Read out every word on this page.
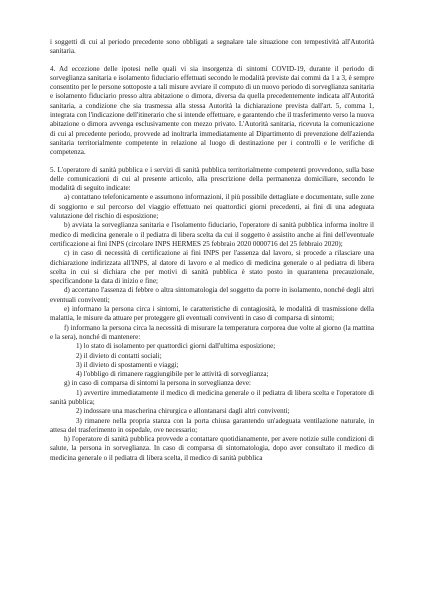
i soggetti di cui al periodo precedente sono obbligati a segnalare tale situazione con tempestività all'Autorità sanitaria.

4. Ad eccezione delle ipotesi nelle quali vi sia insorgenza di sintomi COVID-19, durante il periodo di sorveglianza sanitaria e isolamento fiduciario effettuati secondo le modalità previste dai commi da 1 a 3, è sempre consentito per le persone sottoposte a tali misure avviare il computo di un nuovo periodo di sorveglianza sanitaria e isolamento fiduciario presso altra abitazione o dimora, diversa da quella precedentemente indicata all'Autorità sanitaria, a condizione che sia trasmessa alla stessa Autorità la dichiarazione prevista dall'art. 5, comma 1, integrata con l'indicazione dell'itinerario che si intende effettuare, e garantendo che il trasferimento verso la nuova abitazione o dimora avvenga esclusivamente con mezzo privato. L'Autorità sanitaria, ricevuta la comunicazione di cui al precedente periodo, provvede ad inoltrarla immediatamente al Dipartimento di prevenzione dell'azienda sanitaria territorialmente competente in relazione al luogo di destinazione per i controlli e le verifiche di competenza.

5. L'operatore di sanità pubblica e i servizi di sanità pubblica territorialmente competenti provvedono, sulla base delle comunicazioni di cui al presente articolo, alla prescrizione della permanenza domiciliare, secondo le modalità di seguito indicate:

a) contattano telefonicamente e assumono informazioni, il più possibile dettagliate e documentate, sulle zone di soggiorno e sul percorso del viaggio effettuato nei quattordici giorni precedenti, ai fini di una adeguata valutazione del rischio di esposizione;

b) avviata la sorveglianza sanitaria e l'isolamento fiduciario, l'operatore di sanità pubblica informa inoltre il medico di medicina generale o il pediatra di libera scelta da cui il soggetto è assistito anche ai fini dell'eventuale certificazione ai fini INPS (circolare INPS HERMES 25 febbraio 2020 0000716 del 25 febbraio 2020);

c) in caso di necessità di certificazione ai fini INPS per l'assenza dal lavoro, si procede a rilasciare una dichiarazione indirizzata all'INPS, al datore di lavoro e al medico di medicina generale o al pediatra di libera scelta in cui si dichiara che per motivi di sanità pubblica è stato posto in quarantena precauzionale, specificandone la data di inizio e fine;

d) accertano l'assenza di febbre o altra sintomatologia del soggetto da porre in isolamento, nonché degli altri eventuali conviventi;

e) informano la persona circa i sintomi, le caratteristiche di contagiosità, le modalità di trasmissione della malattia, le misure da attuare per proteggere gli eventuali conviventi in caso di comparsa di sintomi;

f) informano la persona circa la necessità di misurare la temperatura corporea due volte al giorno (la mattina e la sera), nonché di mantenere:

1) lo stato di isolamento per quattordici giorni dall'ultima esposizione;

2) il divieto di contatti sociali;

3) il divieto di spostamenti e viaggi;

4) l'obbligo di rimanere raggiungibile per le attività di sorveglianza;

g) in caso di comparsa di sintomi la persona in sorveglianza deve:

1) avvertire immediatamente il medico di medicina generale o il pediatra di libera scelta e l'operatore di sanità pubblica;

2) indossare una mascherina chirurgica e allontanarsi dagli altri conviventi;

3) rimanere nella propria stanza con la porta chiusa garantendo un'adeguata ventilazione naturale, in attesa del trasferimento in ospedale, ove necessario;

h) l'operatore di sanità pubblica provvede a contattare quotidianamente, per avere notizie sulle condizioni di salute, la persona in sorveglianza. In caso di comparsa di sintomatologia, dopo aver consultato il medico di medicina generale o il pediatra di libera scelta, il medico di sanità pubblica
